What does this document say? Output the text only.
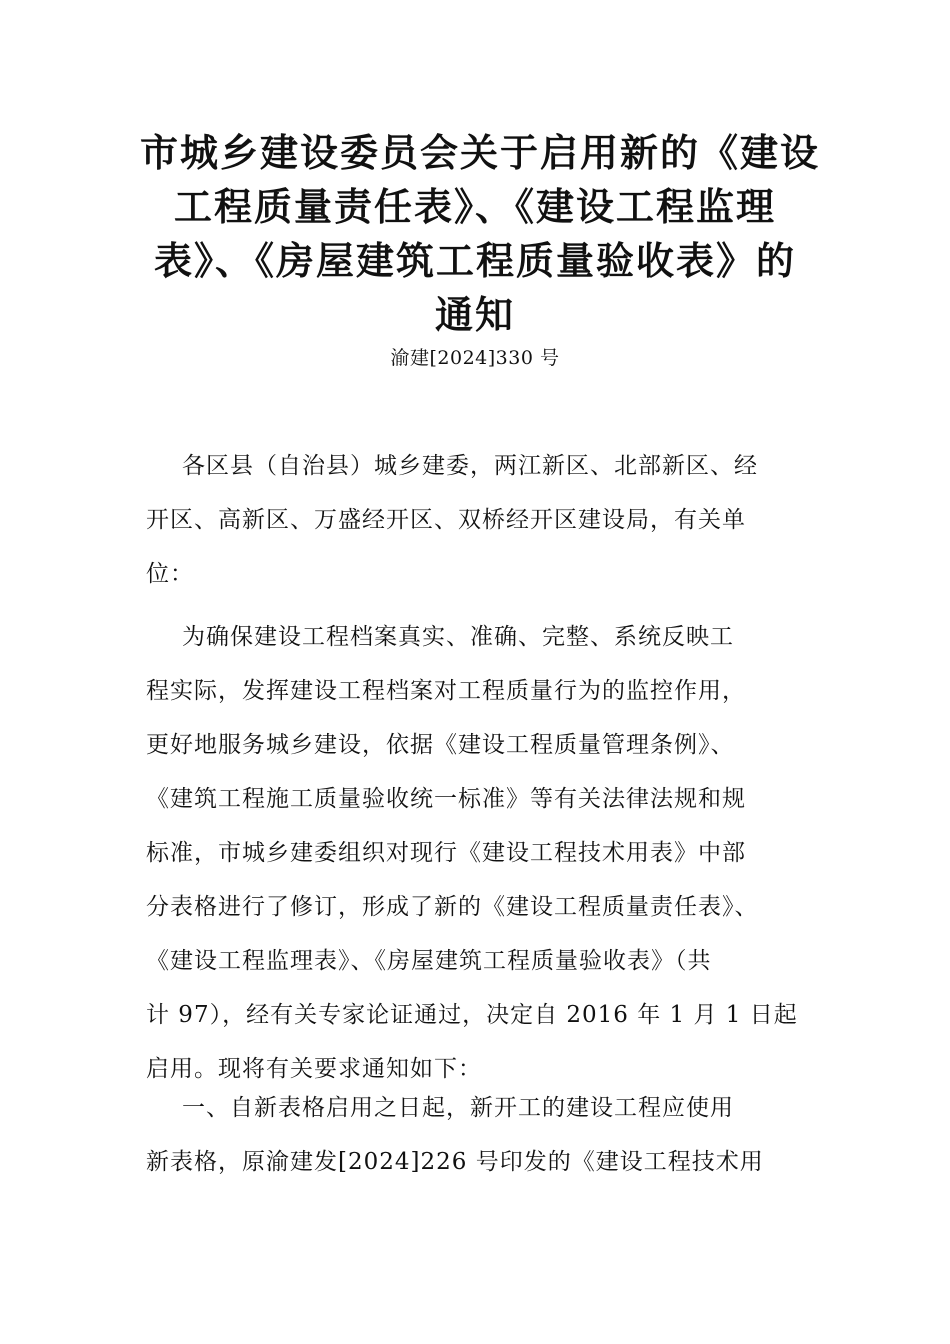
市城乡建设委员会关于启用新的《建设
工程质量责任表》、《建设工程监理
表》、《房屋建筑工程质量验收表》的
通知
渝建[2024]330 号

各区县（自治县）城乡建委，两江新区、北部新区、经
开区、高新区、万盛经开区、双桥经开区建设局，有关单
位：

为确保建设工程档案真实、准确、完整、系统反映工
程实际，发挥建设工程档案对工程质量行为的监控作用，
更好地服务城乡建设，依据《建设工程质量管理条例》、
《建筑工程施工质量验收统一标准》等有关法律法规和规
标准，市城乡建委组织对现行《建设工程技术用表》中部
分表格进行了修订，形成了新的《建设工程质量责任表》、
《建设工程监理表》、《房屋建筑工程质量验收表》（共
计 97），经有关专家论证通过，决定自 2016 年 1 月 1 日起
启用。现将有关要求通知如下：

一、自新表格启用之日起，新开工的建设工程应使用
新表格，原渝建发[2024]226 号印发的《建设工程技术用
